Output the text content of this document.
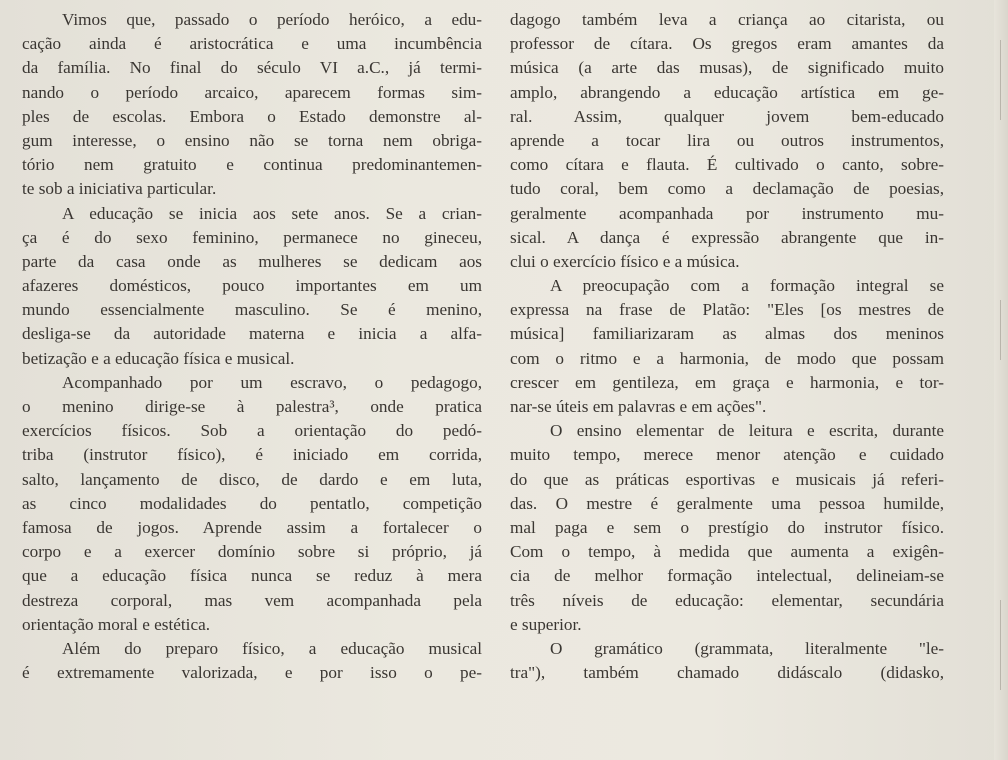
Vimos que, passado o período heróico, a edu-
cação ainda é aristocrática e uma incumbência
da família. No final do século VI a.C., já termi-
nando o período arcaico, aparecem formas sim-
ples de escolas. Embora o Estado demonstre al-
gum interesse, o ensino não se torna nem obriga-
tório nem gratuito e continua predominantemen-
te sob a iniciativa particular.
A educação se inicia aos sete anos. Se a crian-
ça é do sexo feminino, permanece no gineceu,
parte da casa onde as mulheres se dedicam aos
afazeres domésticos, pouco importantes em um
mundo essencialmente masculino. Se é menino,
desliga-se da autoridade materna e inicia a alfa-
betização e a educação física e musical.
Acompanhado por um escravo, o pedagogo,
o menino dirige-se à palestra³, onde pratica
exercícios físicos. Sob a orientação do pedó-
triba (instrutor físico), é iniciado em corrida,
salto, lançamento de disco, de dardo e em luta,
as cinco modalidades do pentatlo, competição
famosa de jogos. Aprende assim a fortalecer o
corpo e a exercer domínio sobre si próprio, já
que a educação física nunca se reduz à mera
destreza corporal, mas vem acompanhada pela
orientação moral e estética.
Além do preparo físico, a educação musical
é extremamente valorizada, e por isso o pe-
dagogo também leva a criança ao citarista, ou
professor de cítara. Os gregos eram amantes da
música (a arte das musas), de significado muito
amplo, abrangendo a educação artística em ge-
ral. Assim, qualquer jovem bem-educado
aprende a tocar lira ou outros instrumentos,
como cítara e flauta. É cultivado o canto, sobre-
tudo coral, bem como a declamação de poesias,
geralmente acompanhada por instrumento mu-
sical. A dança é expressão abrangente que in-
clui o exercício físico e a música.
A preocupação com a formação integral se
expressa na frase de Platão: "Eles [os mestres de
música] familiarizaram as almas dos meninos
com o ritmo e a harmonia, de modo que possam
crescer em gentileza, em graça e harmonia, e tor-
nar-se úteis em palavras e em ações".
O ensino elementar de leitura e escrita, durante
muito tempo, merece menor atenção e cuidado
do que as práticas esportivas e musicais já referi-
das. O mestre é geralmente uma pessoa humilde,
mal paga e sem o prestígio do instrutor físico.
Com o tempo, à medida que aumenta a exigên-
cia de melhor formação intelectual, delineiam-se
três níveis de educação: elementar, secundária
e superior.
O gramático (grammata, literalmente "le-
tra"), também chamado didáscalo (didasko,
